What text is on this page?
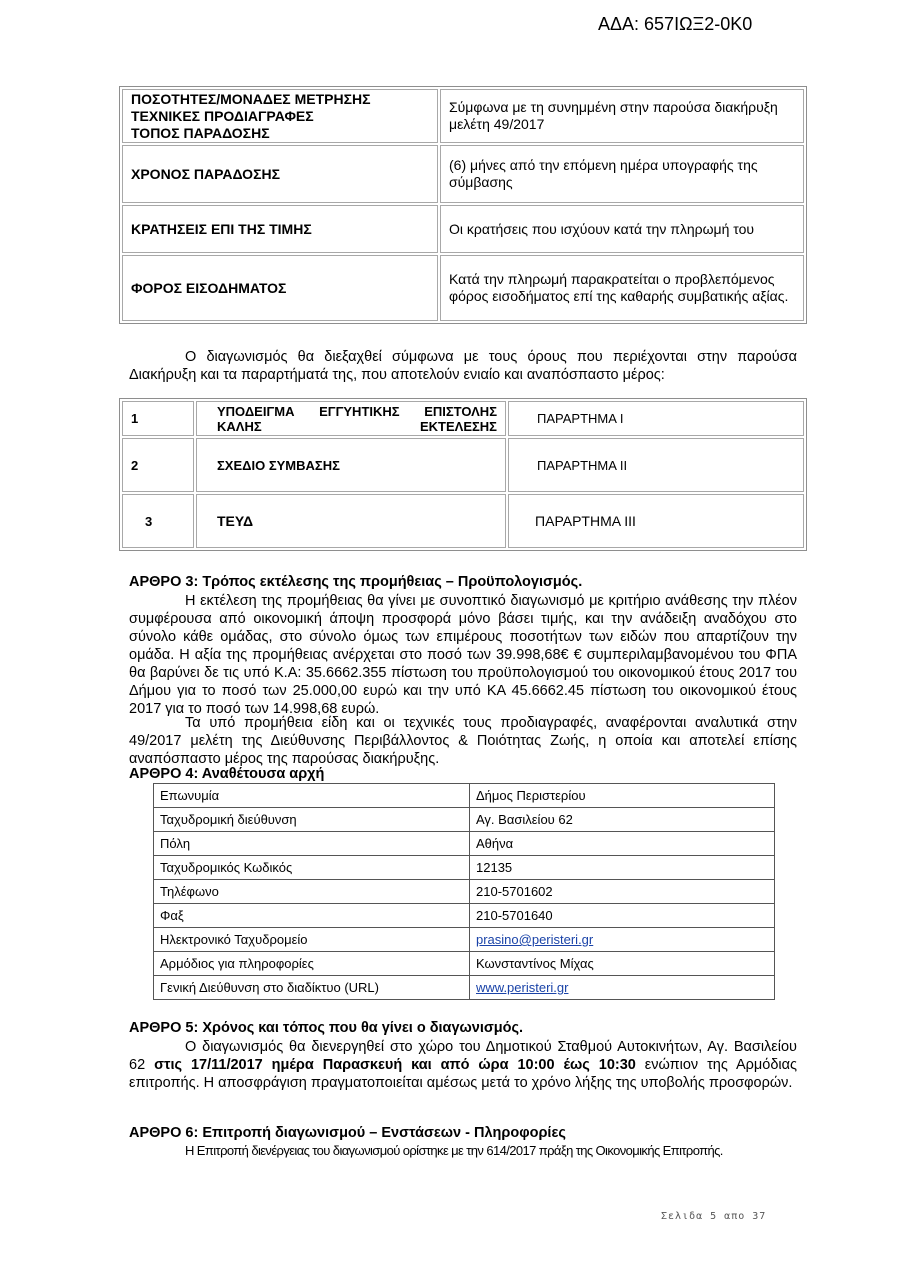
ΑΔΑ: 657ΙΩΞ2-0Κ0
ΠΟΣΟΤΗΤΕΣ/ΜΟΝΑΔΕΣ ΜΕΤΡΗΣΗΣ
ΤΕΧΝΙΚΕΣ ΠΡΟΔΙΑΓΡΑΦΕΣ
ΤΟΠΟΣ ΠΑΡΑΔΟΣΗΣ	Σύμφωνα με τη συνημμένη στην παρούσα διακήρυξη μελέτη 49/2017
ΧΡΟΝΟΣ ΠΑΡΑΔΟΣΗΣ	(6) μήνες από την επόμενη ημέρα υπογραφής της σύμβασης
ΚΡΑΤΗΣΕΙΣ ΕΠΙ ΤΗΣ ΤΙΜΗΣ	Οι κρατήσεις που ισχύουν κατά την πληρωμή του
ΦΟΡΟΣ ΕΙΣΟΔΗΜΑΤΟΣ	Κατά την πληρωμή παρακρατείται ο προβλεπόμενος φόρος εισοδήματος επί της καθαρής συμβατικής αξίας.
Ο διαγωνισμός θα διεξαχθεί σύμφωνα με τους όρους που περιέχονται στην παρούσα Διακήρυξη και τα παραρτήματά της, που αποτελούν ενιαίο και αναπόσπαστο μέρος:
1	ΥΠΟΔΕΙΓΜΑ ΕΓΓΥΗΤΙΚΗΣ ΕΠΙΣΤΟΛΗΣ ΚΑΛΗΣ ΕΚΤΕΛΕΣΗΣ	ΠΑΡΑΡΤΗΜΑ Ι
2	ΣΧΕΔΙΟ ΣΥΜΒΑΣΗΣ	ΠΑΡΑΡΤΗΜΑ ΙΙ
3	ΤΕΥΔ	ΠΑΡΑΡΤΗΜΑ ΙΙΙ
ΑΡΘΡΟ 3: Τρόπος εκτέλεσης της προμήθειας – Προϋπολογισμός.
Η εκτέλεση της προμήθειας θα γίνει με συνοπτικό διαγωνισμό με κριτήριο ανάθεσης την πλέον συμφέρουσα από οικονομική άποψη προσφορά μόνο βάσει τιμής, και την ανάδειξη αναδόχου στο σύνολο κάθε ομάδας, στο σύνολο όμως των επιμέρους ποσοτήτων των ειδών που απαρτίζουν την ομάδα. Η αξία της προμήθειας ανέρχεται στο ποσό των 39.998,68€ € συμπεριλαμβανομένου του ΦΠΑ θα βαρύνει δε τις υπό Κ.Α: 35.6662.355 πίστωση του προϋπολογισμού του οικονομικού έτους 2017 του Δήμου για το ποσό των 25.000,00 ευρώ και την υπό ΚΑ 45.6662.45 πίστωση του οικονομικού έτους 2017 για το ποσό των 14.998,68 ευρώ.
Τα υπό προμήθεια είδη και οι τεχνικές τους προδιαγραφές, αναφέρονται αναλυτικά στην 49/2017 μελέτη της Διεύθυνσης Περιβάλλοντος & Ποιότητας Ζωής, η οποία και αποτελεί επίσης αναπόσπαστο μέρος της παρούσας διακήρυξης.
ΑΡΘΡΟ 4: Αναθέτουσα αρχή
Επωνυμία	Δήμος Περιστερίου
Ταχυδρομική διεύθυνση	Αγ. Βασιλείου 62
Πόλη	Αθήνα
Ταχυδρομικός Κωδικός	12135
Τηλέφωνο	210-5701602
Φαξ	210-5701640
Ηλεκτρονικό Ταχυδρομείο	prasino@peristeri.gr
Αρμόδιος για πληροφορίες	Κωνσταντίνος Μίχας
Γενική Διεύθυνση στο διαδίκτυο (URL)	www.peristeri.gr
ΑΡΘΡΟ 5: Χρόνος και τόπος που θα γίνει ο διαγωνισμός.
Ο διαγωνισμός θα διενεργηθεί στο χώρο του Δημοτικού Σταθμού Αυτοκινήτων, Αγ. Βασιλείου 62 στις 17/11/2017 ημέρα Παρασκευή και από ώρα 10:00 έως 10:30 ενώπιον της Αρμόδιας επιτροπής. Η αποσφράγιση πραγματοποιείται αμέσως μετά το χρόνο λήξης της υποβολής προσφορών.
ΑΡΘΡΟ 6: Επιτροπή διαγωνισμού – Ενστάσεων - Πληροφορίες
Η Επιτροπή διενέργειας του διαγωνισμού ορίστηκε με την 614/2017 πράξη της Οικονομικής Επιτροπής.
Σελιδα 5 απο 37
